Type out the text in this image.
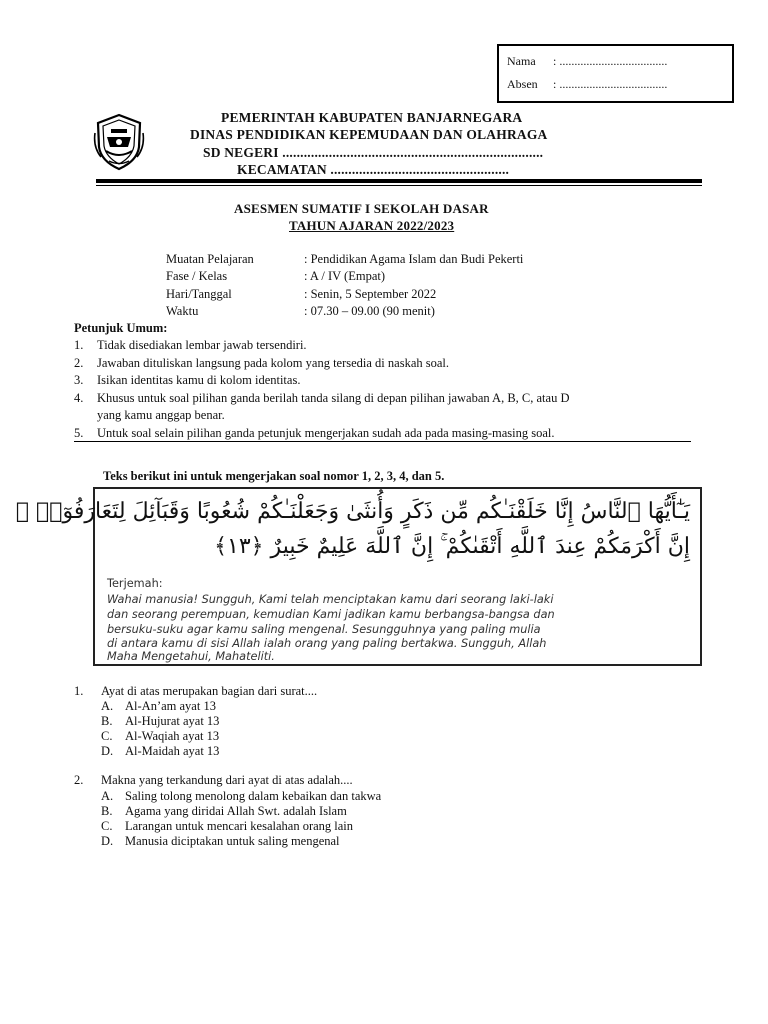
Nama : ....................................
Absen : ....................................
PEMERINTAH KABUPATEN BANJARNEGARA
DINAS PENDIDIKAN KEPEMUDAAN DAN OLAHRAGA
SD NEGERI .........................................................................
KECAMATAN ..................................................
ASESMEN SUMATIF I SEKOLAH DASAR
TAHUN AJARAN 2022/2023
Muatan Pelajaran	: Pendidikan Agama Islam dan Budi Pekerti
Fase / Kelas	: A / IV (Empat)
Hari/Tanggal	: Senin, 5 September 2022
Waktu	: 07.30 – 09.00 (90 menit)
Petunjuk Umum:
1. Tidak disediakan lembar jawab tersendiri.
2. Jawaban dituliskan langsung pada kolom yang tersedia di naskah soal.
3. Isikan identitas kamu di kolom identitas.
4. Khusus untuk soal pilihan ganda berilah tanda silang di depan pilihan jawaban A, B, C, atau D
yang kamu anggap benar.
5. Untuk soal selain pilihan ganda petunjuk mengerjakan sudah ada pada masing-masing soal.
Teks berikut ini untuk mengerjakan soal nomor 1, 2, 3, 4, dan 5.
يَـٰٓأَيُّهَا ٱلنَّاسُ إِنَّا خَلَقْنَـٰكُم مِّن ذَكَرٍ وَأُنثَىٰ وَجَعَلْنَـٰكُمْ شُعُوبًا وَقَبَآئِلَ لِتَعَارَفُوٓا۟ ۚ
إِنَّ أَكْرَمَكُمْ عِندَ ٱللَّهِ أَتْقَىٰكُمْ ۚ إِنَّ ٱللَّهَ عَلِيمٌ خَبِيرٌ ﴿١٣﴾
Terjemah:
Wahai manusia! Sungguh, Kami telah menciptakan kamu dari seorang laki-laki
dan seorang perempuan, kemudian Kami jadikan kamu berbangsa-bangsa dan
bersuku-suku agar kamu saling mengenal. Sesungguhnya yang paling mulia
di antara kamu di sisi Allah ialah orang yang paling bertakwa. Sungguh, Allah
Maha Mengetahui, Mahateliti.
1. Ayat di atas merupakan bagian dari surat....
A. Al-An’am ayat 13
B. Al-Hujurat ayat 13
C. Al-Waqiah ayat 13
D. Al-Maidah ayat 13
2. Makna yang terkandung dari ayat di atas adalah....
A. Saling tolong menolong dalam kebaikan dan takwa
B. Agama yang diridai Allah Swt. adalah Islam
C. Larangan untuk mencari kesalahan orang lain
D. Manusia diciptakan untuk saling mengenal
